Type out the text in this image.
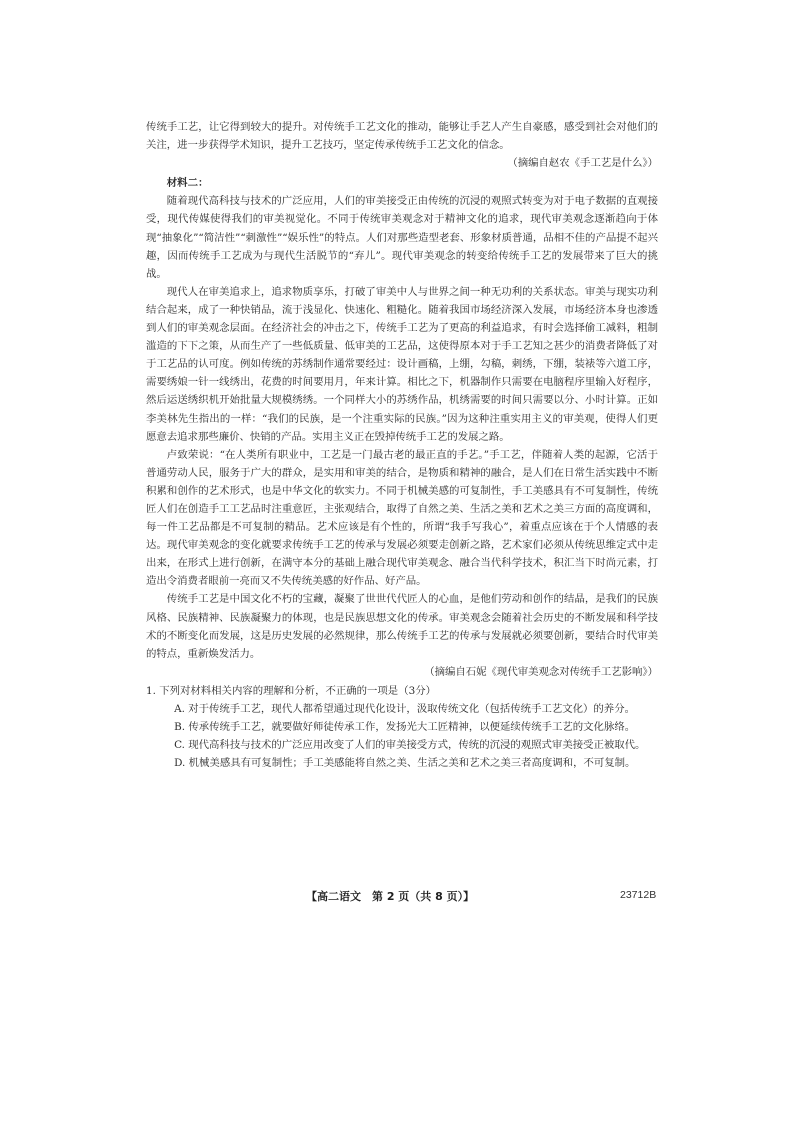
传统手工艺，让它得到较大的提升。对传统手工艺文化的推动，能够让手艺人产生自豪感，感受到社会对他们的关注，进一步获得学术知识，提升工艺技巧，坚定传承传统手工艺文化的信念。

（摘编自赵农《手工艺是什么》）

材料二：

随着现代高科技与技术的广泛应用，人们的审美接受正由传统的沉浸的观照式转变为对于电子数据的直观接受，现代传媒使得我们的审美视觉化。不同于传统审美观念对于精神文化的追求，现代审美观念逐渐趋向于体现“抽象化”“简洁性”“刺激性”“娱乐性”的特点。人们对那些造型老套、形象材质普通，品相不佳的产品提不起兴趣，因而传统手工艺成为与现代生活脱节的“弃儿”。现代审美观念的转变给传统手工艺的发展带来了巨大的挑战。

现代人在审美追求上，追求物质享乐，打破了审美中人与世界之间一种无功利的关系状态。审美与现实功利结合起来，成了一种快销品，流于浅显化、快速化、粗糙化。随着我国市场经济深入发展，市场经济本身也渗透到人们的审美观念层面。在经济社会的冲击之下，传统手工艺为了更高的利益追求，有时会选择偷工减料，粗制滥造的下下之策，从而生产了一些低质量、低审美的工艺品，这使得原本对于手工艺知之甚少的消费者降低了对于工艺品的认可度。例如传统的苏绣制作通常要经过：设计画稿，上绷，勾稿，刺绣，下绷，装裱等六道工序，需要绣娘一针一线绣出，花费的时间要用月，年来计算。相比之下，机器制作只需要在电脑程序里输入好程序，然后运送绣织机开始批量大规模绣绣。一个同样大小的苏绣作品，机绣需要的时间只需要以分、小时计算。正如李美林先生指出的一样：“我们的民族，是一个注重实际的民族。”因为这种注重实用主义的审美观，使得人们更愿意去追求那些廉价、快销的产品。实用主义正在毁掉传统手工艺的发展之路。

卢致荣说：“在人类所有职业中，工艺是一门最古老的最正直的手艺。”手工艺，伴随着人类的起源，它活于普通劳动人民，服务于广大的群众，是实用和审美的结合，是物质和精神的融合，是人们在日常生活实践中不断积累和创作的艺术形式，也是中华文化的软实力。不同于机械美感的可复制性，手工美感具有不可复制性，传统匠人们在创造手工工艺品时注重意匠，主张观结合，取得了自然之美、生活之美和艺术之美三方面的高度调和，每一件工艺品都是不可复制的精品。艺术应该是有个性的，所谓“我手写我心”，着重点应该在于个人情感的表达。现代审美观念的变化就要求传统手工艺的传承与发展必须要走创新之路，艺术家们必须从传统思维定式中走出来，在形式上进行创新，在满守本分的基础上融合现代审美观念、融合当代科学技术，积汇当下时尚元素，打造出令消费者眼前一亮而又不失传统美感的好作品、好产品。

传统手工艺是中国文化不朽的宝藏，凝聚了世世代代匠人的心血，是他们劳动和创作的结晶，是我们的民族风格、民族精神、民族凝聚力的体现，也是民族思想文化的传承。审美观念会随着社会历史的不断发展和科学技术的不断变化而发展，这是历史发展的必然规律，那么传统手工艺的传承与发展就必须要创新，要结合时代审美的特点，重新焕发活力。

（摘编自石妮《现代审美观念对传统手工艺影响》）

1. 下列对材料相关内容的理解和分析，不正确的一项是（3分）

A. 对于传统手工艺，现代人都希望通过现代化设计，汲取传统文化（包括传统手工艺文化）的养分。

B. 传承传统手工艺，就要做好师徒传承工作，发扬光大工匠精神，以便延续传统手工艺的文化脉络。

C. 现代高科技与技术的广泛应用改变了人们的审美接受方式，传统的沉浸的观照式审美接受正被取代。

D. 机械美感具有可复制性；手工美感能将自然之美、生活之美和艺术之美三者高度调和，不可复制。

【高二语文　第 2 页（共 8 页）】	23712B
